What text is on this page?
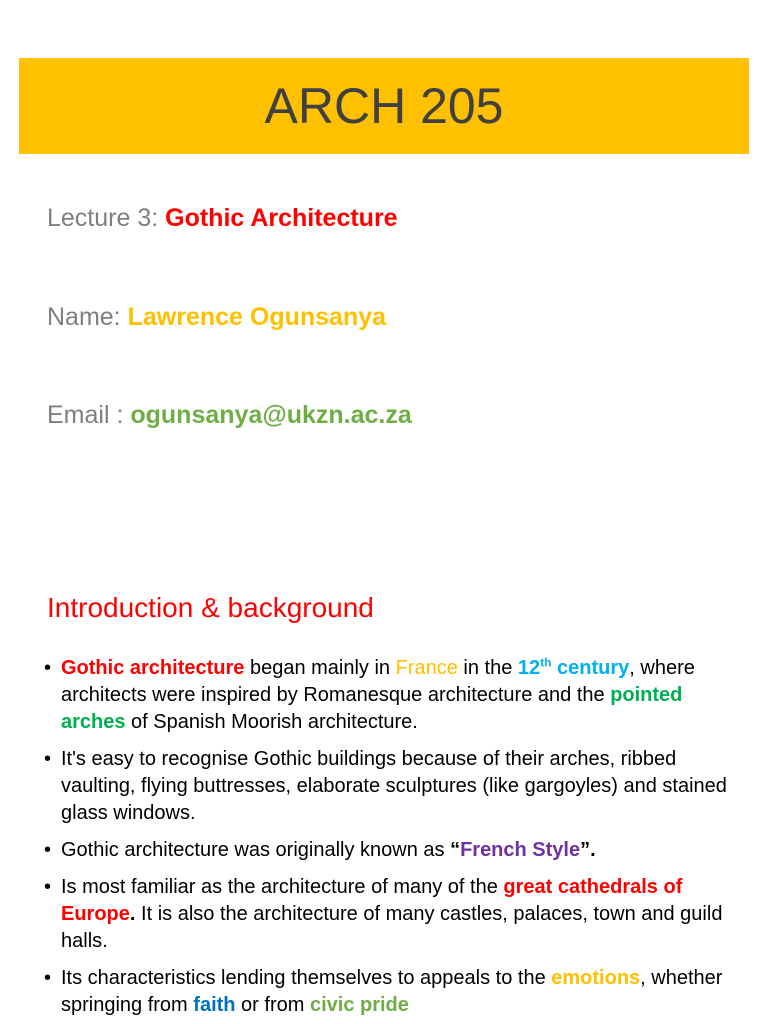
ARCH 205
Lecture 3: Gothic Architecture
Name: Lawrence Ogunsanya
Email : ogunsanya@ukzn.ac.za
Introduction & background
• Gothic architecture began mainly in France in the 12th century, where architects were inspired by Romanesque architecture and the pointed arches of Spanish Moorish architecture.
• It's easy to recognise Gothic buildings because of their arches, ribbed vaulting, flying buttresses, elaborate sculptures (like gargoyles) and stained glass windows.
• Gothic architecture was originally known as “French Style”.
• Is most familiar as the architecture of many of the great cathedrals of Europe. It is also the architecture of many castles, palaces, town and guild halls.
• Its characteristics lending themselves to appeals to the emotions, whether springing from faith or from civic pride
